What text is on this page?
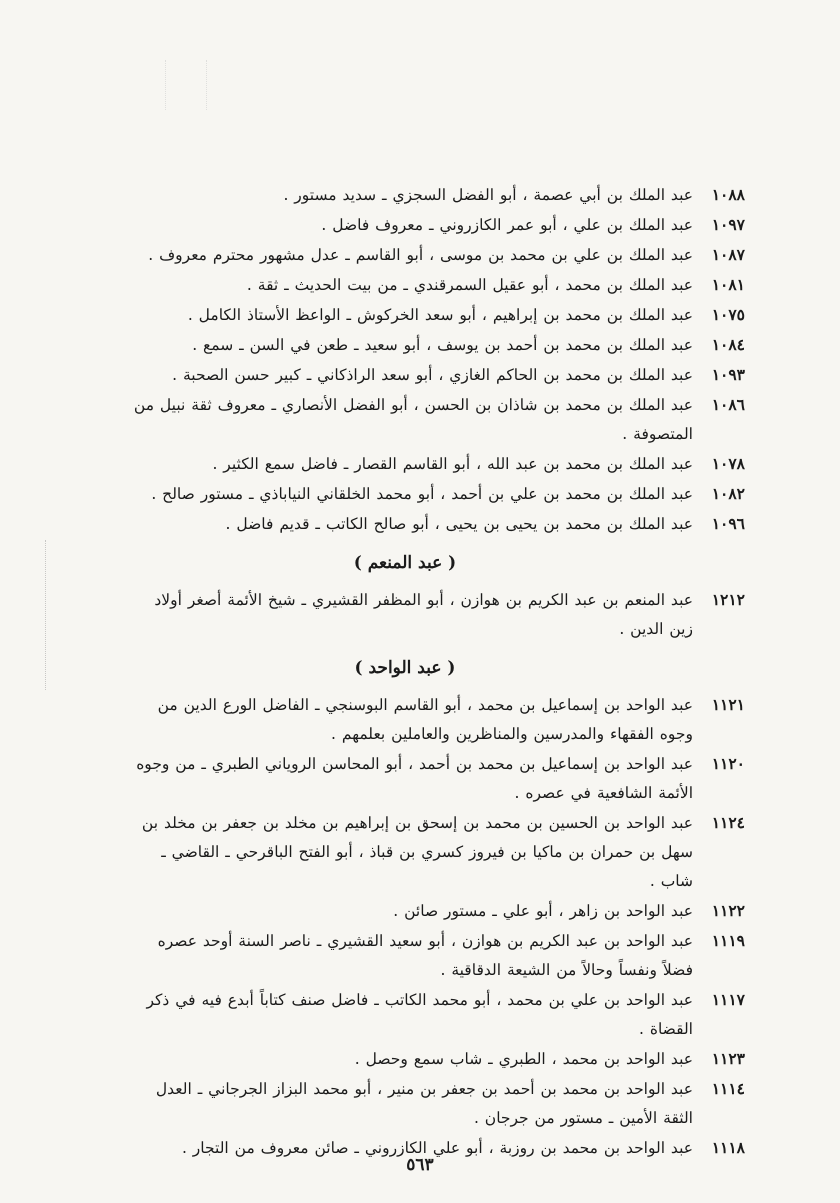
١٠٨٨عبد الملك بن أبي عصمة ، أبو الفضل السجزي ـ سديد مستور .
١٠٩٧عبد الملك بن علي ، أبو عمر الكازروني ـ معروف فاضل .
١٠٨٧عبد الملك بن علي بن محمد بن موسى ، أبو القاسم ـ عدل مشهور محترم معروف .
١٠٨١عبد الملك بن محمد ، أبو عقيل السمرقندي ـ من بيت الحديث ـ ثقة .
١٠٧٥عبد الملك بن محمد بن إبراهيم ، أبو سعد الخركوش ـ الواعظ الأستاذ الكامل .
١٠٨٤عبد الملك بن محمد بن أحمد بن يوسف ، أبو سعيد ـ طعن في السن ـ سمع .
١٠٩٣عبد الملك بن محمد بن الحاكم الغازي ، أبو سعد الراذكاني ـ كبير حسن الصحبة .
١٠٨٦عبد الملك بن محمد بن شاذان بن الحسن ، أبو الفضل الأنصاري ـ معروف ثقة نبيل من المتصوفة .
١٠٧٨عبد الملك بن محمد بن عبد الله ، أبو القاسم القصار ـ فاضل سمع الكثير .
١٠٨٢عبد الملك بن محمد بن علي بن أحمد ، أبو محمد الخلقاني النياباذي ـ مستور صالح .
١٠٩٦عبد الملك بن محمد بن يحيى بن يحيى ، أبو صالح الكاتب ـ قديم فاضل .
( عبد المنعم )
١٢١٢عبد المنعم بن عبد الكريم بن هوازن ، أبو المظفر القشيري ـ شيخ الأئمة أصغر أولاد زين الدين .
( عبد الواحد )
١١٢١عبد الواحد بن إسماعيل بن محمد ، أبو القاسم البوسنجي ـ الفاضل الورع الدين من وجوه الفقهاء والمدرسين والمناظرين والعاملين بعلمهم .
١١٢٠عبد الواحد بن إسماعيل بن محمد بن أحمد ، أبو المحاسن الروياني الطبري ـ من وجوه الأئمة الشافعية في عصره .
١١٢٤عبد الواحد بن الحسين بن محمد بن إسحق بن إبراهيم بن مخلد بن جعفر بن مخلد بن سهل بن حمران بن ماكيا بن فيروز كسري بن قباذ ، أبو الفتح الباقرحي ـ القاضي ـ شاب .
١١٢٢عبد الواحد بن زاهر ، أبو علي ـ مستور صائن .
١١١٩عبد الواحد بن عبد الكريم بن هوازن ، أبو سعيد القشيري ـ ناصر السنة أوحد عصره فضلاً ونفساً وحالاً من الشيعة الدقاقية .
١١١٧عبد الواحد بن علي بن محمد ، أبو محمد الكاتب ـ فاضل صنف كتاباً أبدع فيه في ذكر القضاة .
١١٢٣عبد الواحد بن محمد ، الطبري ـ شاب سمع وحصل .
١١١٤عبد الواحد بن محمد بن أحمد بن جعفر بن منير ، أبو محمد البزاز الجرجاني ـ العدل الثقة الأمين ـ مستور من جرجان .
١١١٨عبد الواحد بن محمد بن روزبة ، أبو علي الكازروني ـ صائن معروف من التجار .
٥٦٣
